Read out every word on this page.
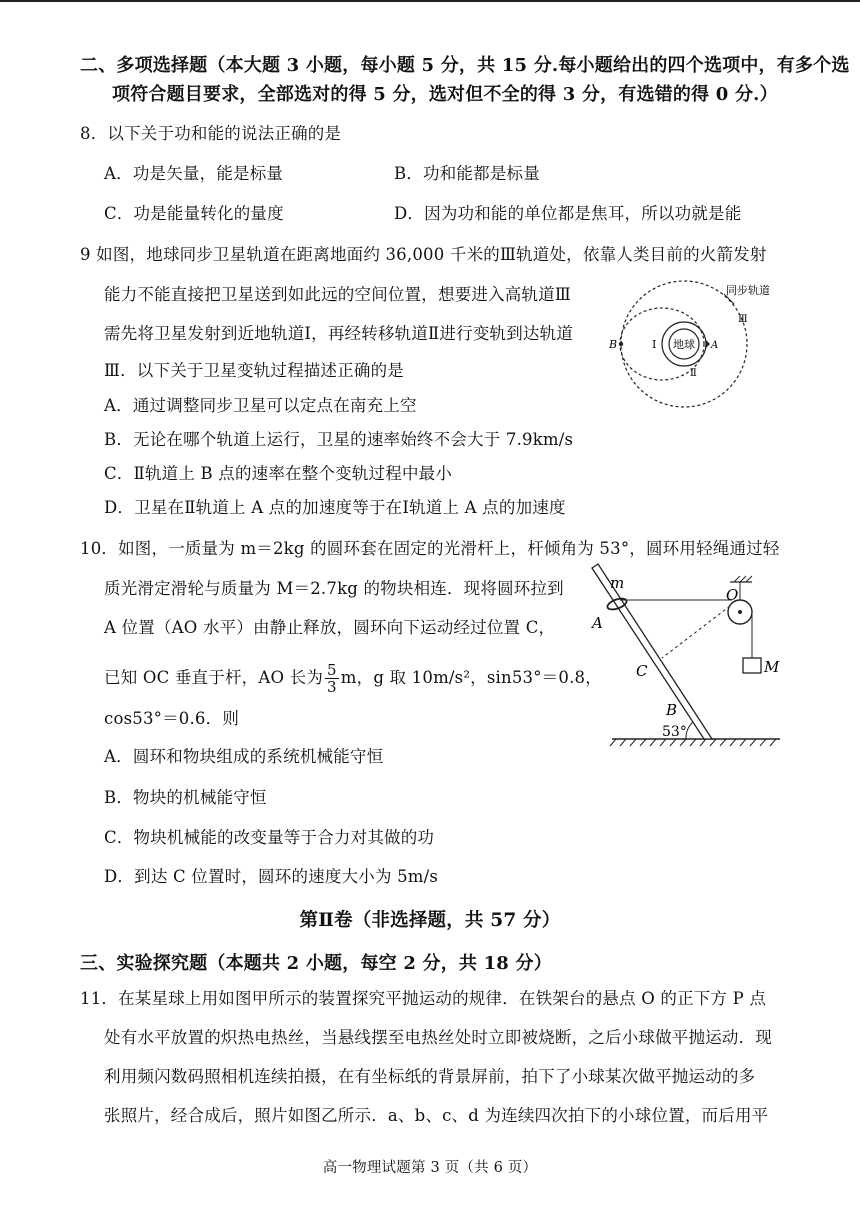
二、多项选择题（本大题 3 小题，每小题 5 分，共 15 分.每小题给出的四个选项中，有多个选
项符合题目要求，全部选对的得 5 分，选对但不全的得 3 分，有选错的得 0 分.）
8．以下关于功和能的说法正确的是
A．功是矢量，能是标量	B．功和能都是标量
C．功是能量转化的量度	D．因为功和能的单位都是焦耳，所以功就是能
9 如图，地球同步卫星轨道在距离地面约 36,000 千米的Ⅲ轨道处，依靠人类目前的火箭发射
能力不能直接把卫星送到如此远的空间位置，想要进入高轨道Ⅲ
需先将卫星发射到近地轨道Ⅰ，再经转移轨道Ⅱ进行变轨到达轨道
Ⅲ．以下关于卫星变轨过程描述正确的是
A．通过调整同步卫星可以定点在南充上空
B．无论在哪个轨道上运行，卫星的速率始终不会大于 7.9km/s
C．Ⅱ轨道上 B 点的速率在整个变轨过程中最小
D．卫星在Ⅱ轨道上 A 点的加速度等于在Ⅰ轨道上 A 点的加速度
地球
Ⅰ
Ⅱ
Ⅲ
同步轨道
B	A
10．如图，一质量为 m＝2kg 的圆环套在固定的光滑杆上，杆倾角为 53°，圆环用轻绳通过轻
质光滑定滑轮与质量为 M＝2.7kg 的物块相连．现将圆环拉到
A 位置（AO 水平）由静止释放，圆环向下运动经过位置 C，
已知 OC 垂直于杆，AO 长为 $\frac{5}{3}$ m，g 取 10m/s²，sin53°＝0.8，
cos53°＝0.6．则
A．圆环和物块组成的系统机械能守恒
B．物块的机械能守恒
C．物块机械能的改变量等于合力对其做的功
D．到达 C 位置时，圆环的速度大小为 5m/s
53°
m
A
O
M
C
B
第Ⅱ卷（非选择题，共 57 分）
三、实验探究题（本题共 2 小题，每空 2 分，共 18 分）
11．在某星球上用如图甲所示的装置探究平抛运动的规律．在铁架台的悬点 O 的正下方 P 点
处有水平放置的炽热电热丝，当悬线摆至电热丝处时立即被烧断，之后小球做平抛运动．现
利用频闪数码照相机连续拍摄，在有坐标纸的背景屏前，拍下了小球某次做平抛运动的多
张照片，经合成后，照片如图乙所示．a、b、c、d 为连续四次拍下的小球位置，而后用平
高一物理试题第 3 页（共 6 页）
